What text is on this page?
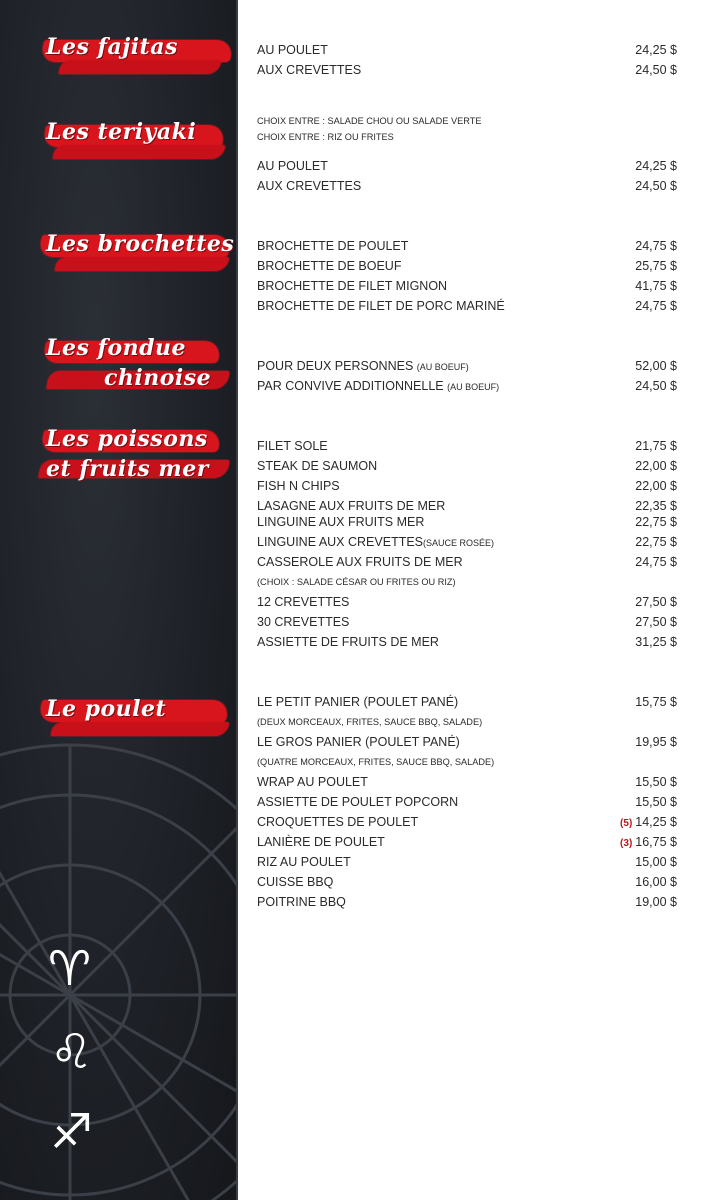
Les fajitas
Les teriyaki
Les brochettes
Les fondue
chinoise
Les poissons
et fruits mer
Le poulet
♈
♌
♐
AU POULET	24,25 $
AUX CREVETTES	24,50 $
CHOIX ENTRE : SALADE CHOU OU SALADE VERTE
CHOIX ENTRE : RIZ OU FRITES
AU POULET	24,25 $
AUX CREVETTES	24,50 $
BROCHETTE DE POULET	24,75 $
BROCHETTE DE BOEUF	25,75 $
BROCHETTE DE FILET MIGNON	41,75 $
BROCHETTE DE FILET DE PORC MARINÉ	24,75 $
POUR DEUX PERSONNES (AU BOEUF)	52,00 $
PAR CONVIVE ADDITIONNELLE (AU BOEUF)	24,50 $
FILET SOLE	21,75 $
STEAK DE SAUMON	22,00 $
FISH N CHIPS	22,00 $
LASAGNE AUX FRUITS DE MER	22,35 $
LINGUINE AUX FRUITS MER	22,75 $
LINGUINE AUX CREVETTES(SAUCE ROSÉE)	22,75 $
CASSEROLE AUX FRUITS DE MER	24,75 $
(CHOIX : SALADE CÉSAR OU FRITES OU RIZ)
12 CREVETTES	27,50 $
30 CREVETTES	27,50 $
ASSIETTE DE FRUITS DE MER	31,25 $
LE PETIT PANIER (POULET PANÉ)	15,75 $
(DEUX MORCEAUX, FRITES, SAUCE BBQ, SALADE)
LE GROS PANIER (POULET PANÉ)	19,95 $
(QUATRE MORCEAUX, FRITES, SAUCE BBQ, SALADE)
WRAP AU POULET	15,50 $
ASSIETTE DE POULET POPCORN	15,50 $
CROQUETTES DE POULET	(5) 14,25 $
LANIÈRE DE POULET	(3) 16,75 $
RIZ AU POULET	15,00 $
CUISSE BBQ	16,00 $
POITRINE BBQ	19,00 $
